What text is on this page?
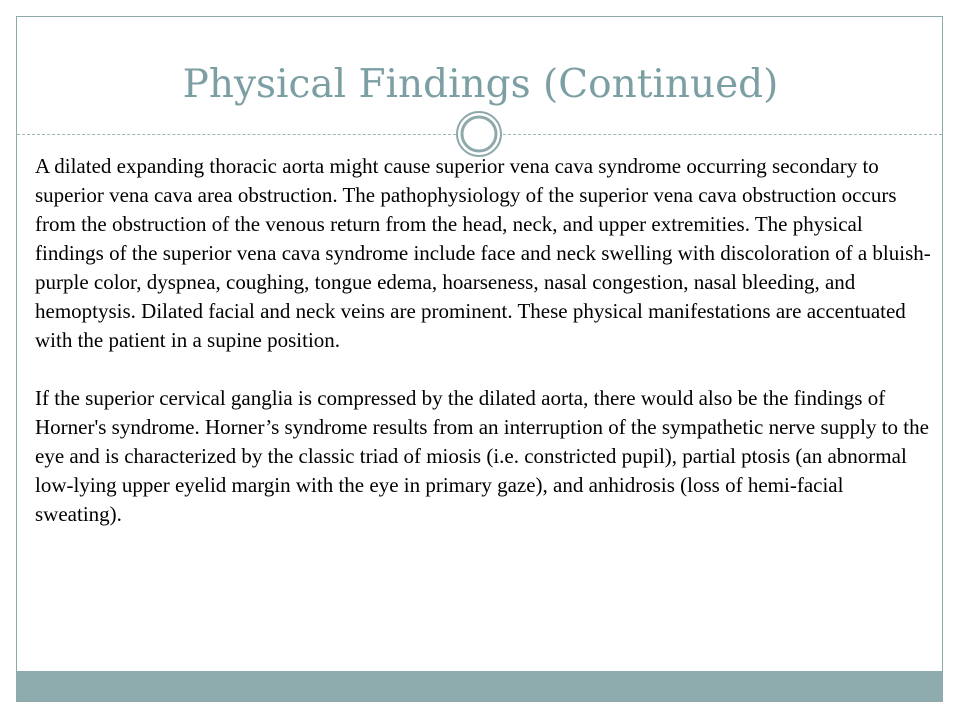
Physical Findings (Continued)

A dilated expanding thoracic aorta might cause superior vena cava syndrome occurring secondary to superior vena cava area obstruction. The pathophysiology of the superior vena cava obstruction occurs from the obstruction of the venous return from the head, neck, and upper extremities. The physical findings of the superior vena cava syndrome include face and neck swelling with discoloration of a bluish-purple color, dyspnea, coughing, tongue edema, hoarseness, nasal congestion, nasal bleeding, and hemoptysis. Dilated facial and neck veins are prominent. These physical manifestations are accentuated with the patient in a supine position.

If the superior cervical ganglia is compressed by the dilated aorta, there would also be the findings of Horner's syndrome. Horner’s syndrome results from an interruption of the sympathetic nerve supply to the eye and is characterized by the classic triad of miosis (i.e. constricted pupil), partial ptosis (an abnormal low-lying upper eyelid margin with the eye in primary gaze), and anhidrosis (loss of hemi-facial sweating).
